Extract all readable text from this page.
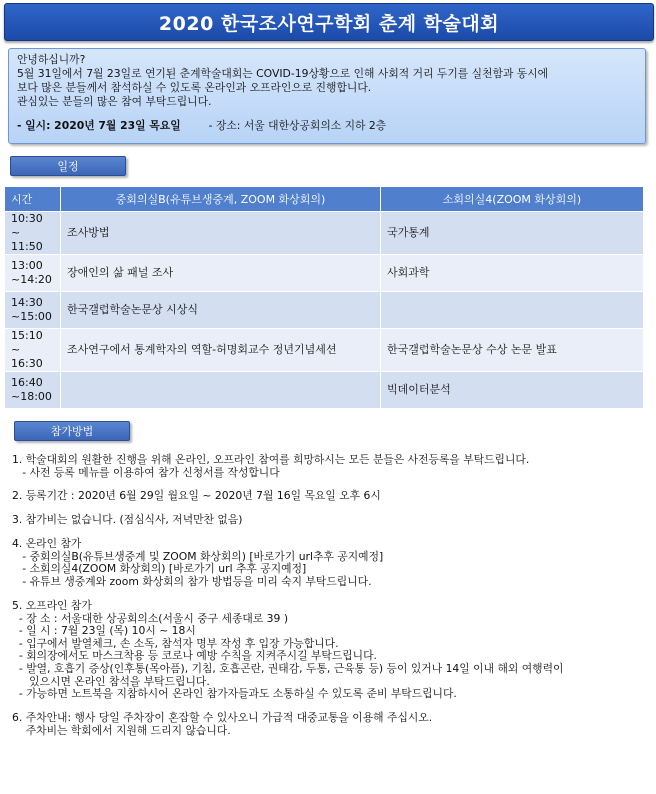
2020 한국조사연구학회 춘계 학술대회

안녕하십니까?

5월 31일에서 7월 23일로 연기된 춘계학술대회는 COVID-19상황으로 인해 사회적 거리 두기를 실천함과 동시에

보다 많은 분들께서 참석하실 수 있도록 온라인과 오프라인으로 진행합니다.

관심있는 분들의 많은 참여 부탁드립니다.

- 일시: 2020년 7월 23일 목요일	- 장소: 서울 대한상공회의소 지하 2층

일정
시간	중회의실B(유튜브생중계, ZOOM 화상회의)	소회의실4(ZOOM 화상회의)
10:30
~ 11:50	조사방법	국가통계
13:00
~14:20	장애인의 삶 패널 조사	사회과학
14:30
~15:00	한국갤럽학술논문상 시상식	
15:10
~ 16:30	조사연구에서 통계학자의 역할-허명회교수 정년기념세션	한국갤럽학술논문상 수상 논문 발표
16:40
~18:00		빅데이터분석
참가방법

1. 학술대회의 원활한 진행을 위해 온라인, 오프라인 참여를 희망하시는 모든 분들은 사전등록을 부탁드립니다.

- 사전 등록 메뉴를 이용하여 참가 신청서를 작성합니다

2. 등록기간 : 2020년 6월 29일 월요일 ~ 2020년 7월 16일 목요일 오후 6시

3. 참가비는 없습니다. (점심식사, 저녁만찬 없음)

4. 온라인 참가

- 중회의실B(유튜브생중계 및 ZOOM 화상회의) [바로가기 url추후 공지예정]

- 소회의실4(ZOOM 화상회의) [바로가기 url 추후 공지예정]

- 유튜브 생중계와 zoom 화상회의 참가 방법등을 미리 숙지 부탁드립니다.

5. 오프라인 참가

- 장 소 : 서울대한 상공회의소(서울시 중구 세종대로 39 )

- 일 시 : 7월 23일 (목) 10시 ~ 18시

- 입구에서 발열체크, 손 소독, 참석자 명부 작성 후 입장 가능합니다.

- 회의장에서도 마스크착용 등 코로나 예방 수칙을 지켜주시길 부탁드립니다.

- 발열, 호흡기 증상(인후통(목아픔), 기침, 호흡곤란, 권태감, 두통, 근육통 등) 등이 있거나 14일 이내 해외 여행력이

있으시면 온라인 참석을 부탁드립니다.

- 가능하면 노트북을 지참하시어 온라인 참가자들과도 소통하실 수 있도록 준비 부탁드립니다.

6. 주차안내: 행사 당일 주차장이 혼잡할 수 있사오니 가급적 대중교통을 이용해 주십시오.

주차비는 학회에서 지원해 드리지 않습니다.
